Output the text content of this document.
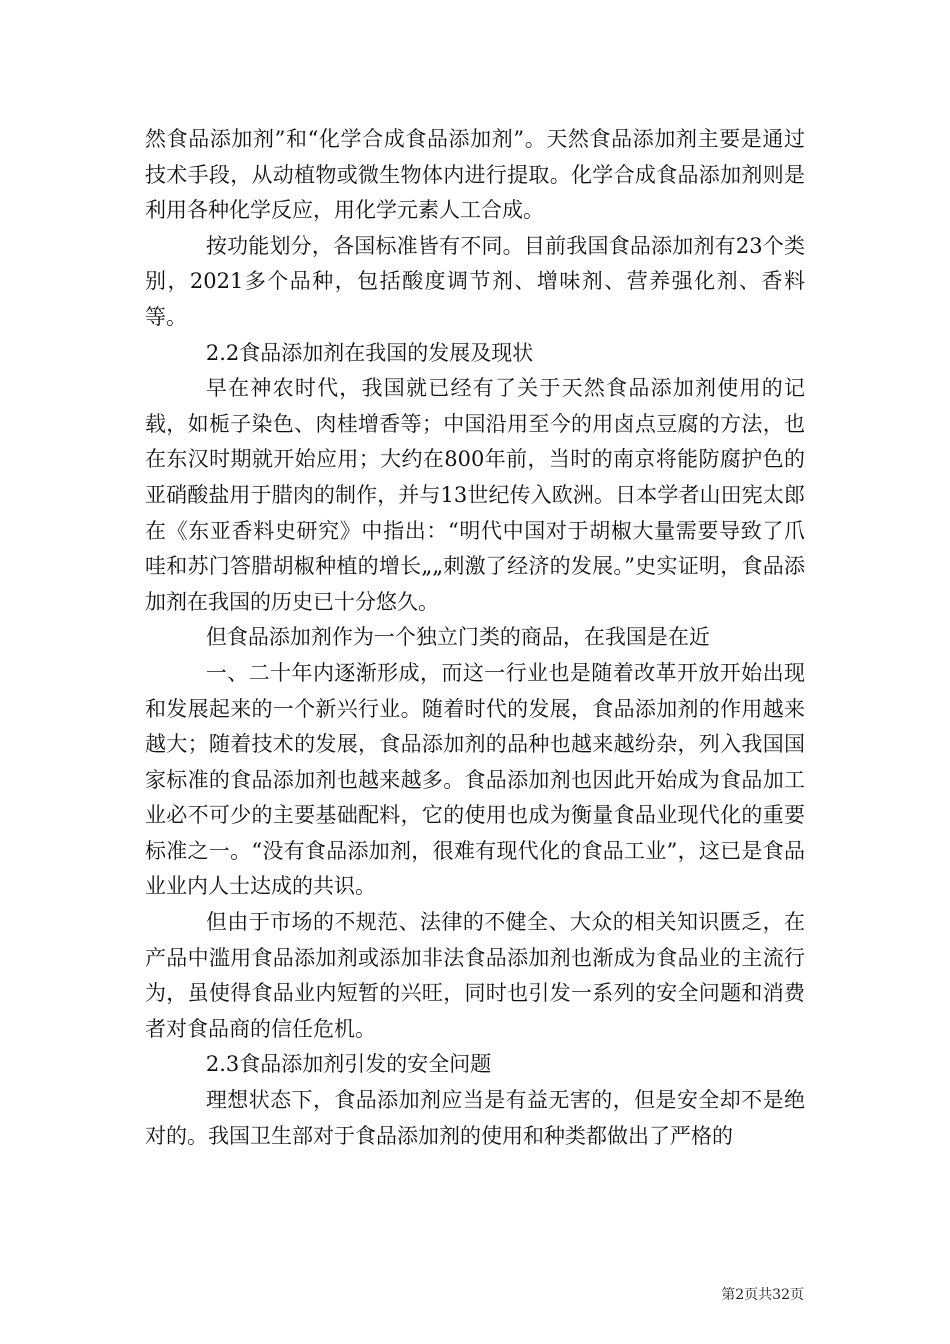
然食品添加剂”和“化学合成食品添加剂”。天然食品添加剂主要是通过技术手段，从动植物或微生物体内进行提取。化学合成食品添加剂则是利用各种化学反应，用化学元素人工合成。

按功能划分，各国标准皆有不同。目前我国食品添加剂有23个类别，2021多个品种，包括酸度调节剂、增味剂、营养强化剂、香料等。

2.2食品添加剂在我国的发展及现状

早在神农时代，我国就已经有了关于天然食品添加剂使用的记载，如栀子染色、肉桂增香等；中国沿用至今的用卤点豆腐的方法，也在东汉时期就开始应用；大约在800年前，当时的南京将能防腐护色的亚硝酸盐用于腊肉的制作，并与13世纪传入欧洲。日本学者山田宪太郎在《东亚香料史研究》中指出：“明代中国对于胡椒大量需要导致了爪哇和苏门答腊胡椒种植的增长„„刺激了经济的发展。”史实证明，食品添加剂在我国的历史已十分悠久。

但食品添加剂作为一个独立门类的商品，在我国是在近

一、二十年内逐渐形成，而这一行业也是随着改革开放开始出现和发展起来的一个新兴行业。随着时代的发展，食品添加剂的作用越来越大；随着技术的发展，食品添加剂的品种也越来越纷杂，列入我国国家标准的食品添加剂也越来越多。食品添加剂也因此开始成为食品加工业必不可少的主要基础配料，它的使用也成为衡量食品业现代化的重要标准之一。“没有食品添加剂，很难有现代化的食品工业”，这已是食品业业内人士达成的共识。

但由于市场的不规范、法律的不健全、大众的相关知识匮乏，在产品中滥用食品添加剂或添加非法食品添加剂也渐成为食品业的主流行为，虽使得食品业内短暂的兴旺，同时也引发一系列的安全问题和消费者对食品商的信任危机。

2.3食品添加剂引发的安全问题

理想状态下，食品添加剂应当是有益无害的，但是安全却不是绝对的。我国卫生部对于食品添加剂的使用和种类都做出了严格的

第2页共32页
